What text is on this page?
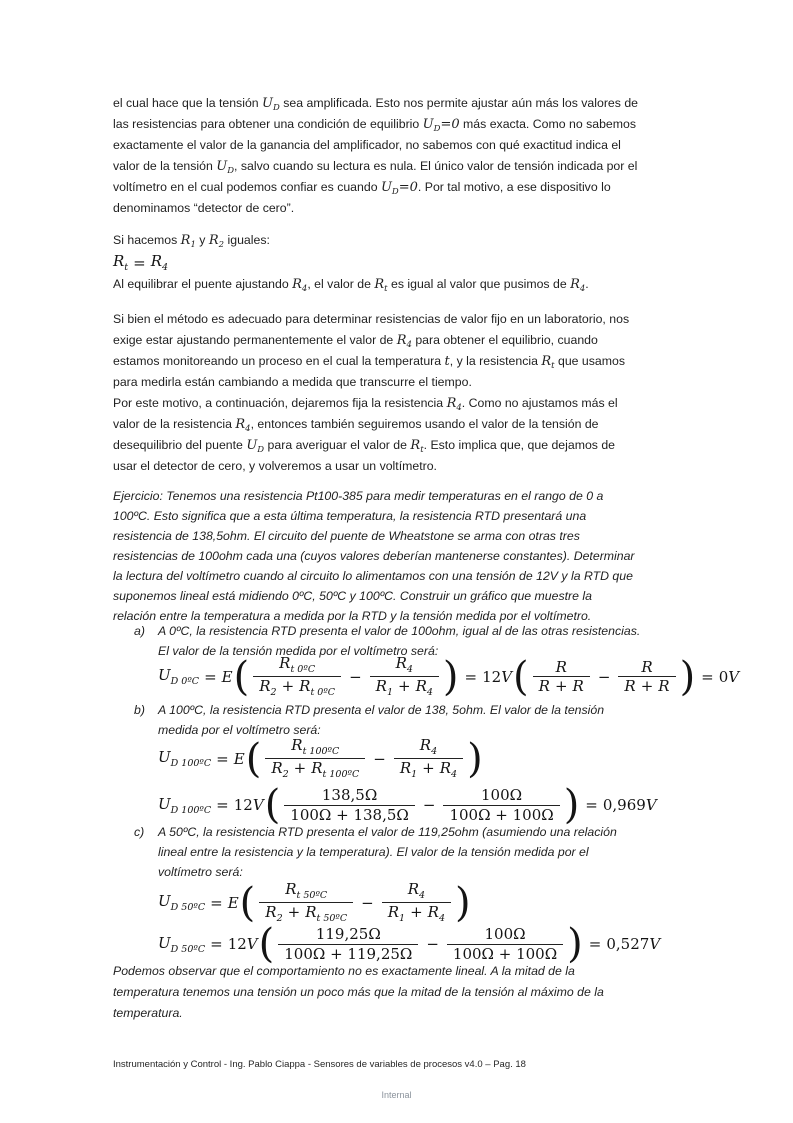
el cual hace que la tensión $U_D$ sea amplificada. Esto nos permite ajustar aún más los valores de
las resistencias para obtener una condición de equilibrio $U_D=0$ más exacta. Como no sabemos
exactamente el valor de la ganancia del amplificador, no sabemos con qué exactitud indica el
valor de la tensión $U_D$, salvo cuando su lectura es nula. El único valor de tensión indicada por el
voltímetro en el cual podemos confiar es cuando $U_D=0$. Por tal motivo, a ese dispositivo lo
denominamos “detector de cero”.
Si hacemos $R_1$ y $R_2$ iguales:
$R_t = R_4$
Al equilibrar el puente ajustando $R_4$, el valor de $R_t$ es igual al valor que pusimos de $R_4$.
Si bien el método es adecuado para determinar resistencias de valor fijo en un laboratorio, nos
exige estar ajustando permanentemente el valor de $R_4$ para obtener el equilibrio, cuando
estamos monitoreando un proceso en el cual la temperatura t, y la resistencia $R_t$ que usamos
para medirla están cambiando a medida que transcurre el tiempo.
Por este motivo, a continuación, dejaremos fija la resistencia $R_4$. Como no ajustamos más el
valor de la resistencia $R_4$, entonces también seguiremos usando el valor de la tensión de
desequilibrio del puente $U_D$ para averiguar el valor de $R_t$. Esto implica que, que dejamos de
usar el detector de cero, y volveremos a usar un voltímetro.
Ejercicio: Tenemos una resistencia Pt100-385 para medir temperaturas en el rango de 0 a
100ºC. Esto significa que a esta última temperatura, la resistencia RTD presentará una
resistencia de 138,5ohm. El circuito del puente de Wheatstone se arma con otras tres
resistencias de 100ohm cada una (cuyos valores deberían mantenerse constantes). Determinar
la lectura del voltímetro cuando al circuito lo alimentamos con una tensión de 12V y la RTD que
suponemos lineal está midiendo 0ºC, 50ºC y 100ºC. Construir un gráfico que muestre la
relación entre la temperatura a medida por la RTD y la tensión medida por el voltímetro.
a) A 0ºC, la resistencia RTD presenta el valor de 100ohm, igual al de las otras resistencias.
El valor de la tensión medida por el voltímetro será:
$U_{D 0ºC} = E$ ( $\frac{R_{t 0ºC}}{R_2 + R_{t 0ºC}} - \frac{R_4}{R_1 + R_4}$ ) = 12 V ( $\frac{R}{R + R} - \frac{R}{R + R}$ ) = 0 V
b) A 100ºC, la resistencia RTD presenta el valor de 138, 5ohm. El valor de la tensión
medida por el voltímetro será:
$U_{D 100ºC} = E$ ( $\frac{R_{t 100ºC}}{R_2 + R_{t 100ºC}} - \frac{R_4}{R_1 + R_4}$ )
$U_{D 100ºC} = 12$ V ( $\frac{138,5\Omega}{100\Omega + 138,5\Omega} - \frac{100\Omega}{100\Omega + 100\Omega}$ ) = 0,969 V
c) A 50ºC, la resistencia RTD presenta el valor de 119,25ohm (asumiendo una relación
lineal entre la resistencia y la temperatura). El valor de la tensión medida por el
voltímetro será:
$U_{D 50ºC} = E$ ( $\frac{R_{t 50ºC}}{R_2 + R_{t 50ºC}} - \frac{R_4}{R_1 + R_4}$ )
$U_{D 50ºC} = 12$ V ( $\frac{119,25\Omega}{100\Omega + 119,25\Omega} - \frac{100\Omega}{100\Omega + 100\Omega}$ ) = 0,527 V
Podemos observar que el comportamiento no es exactamente lineal. A la mitad de la
temperatura tenemos una tensión un poco más que la mitad de la tensión al máximo de la
temperatura.
Instrumentación y Control - Ing. Pablo Ciappa - Sensores de variables de procesos v4.0 – Pag. 18
Internal
